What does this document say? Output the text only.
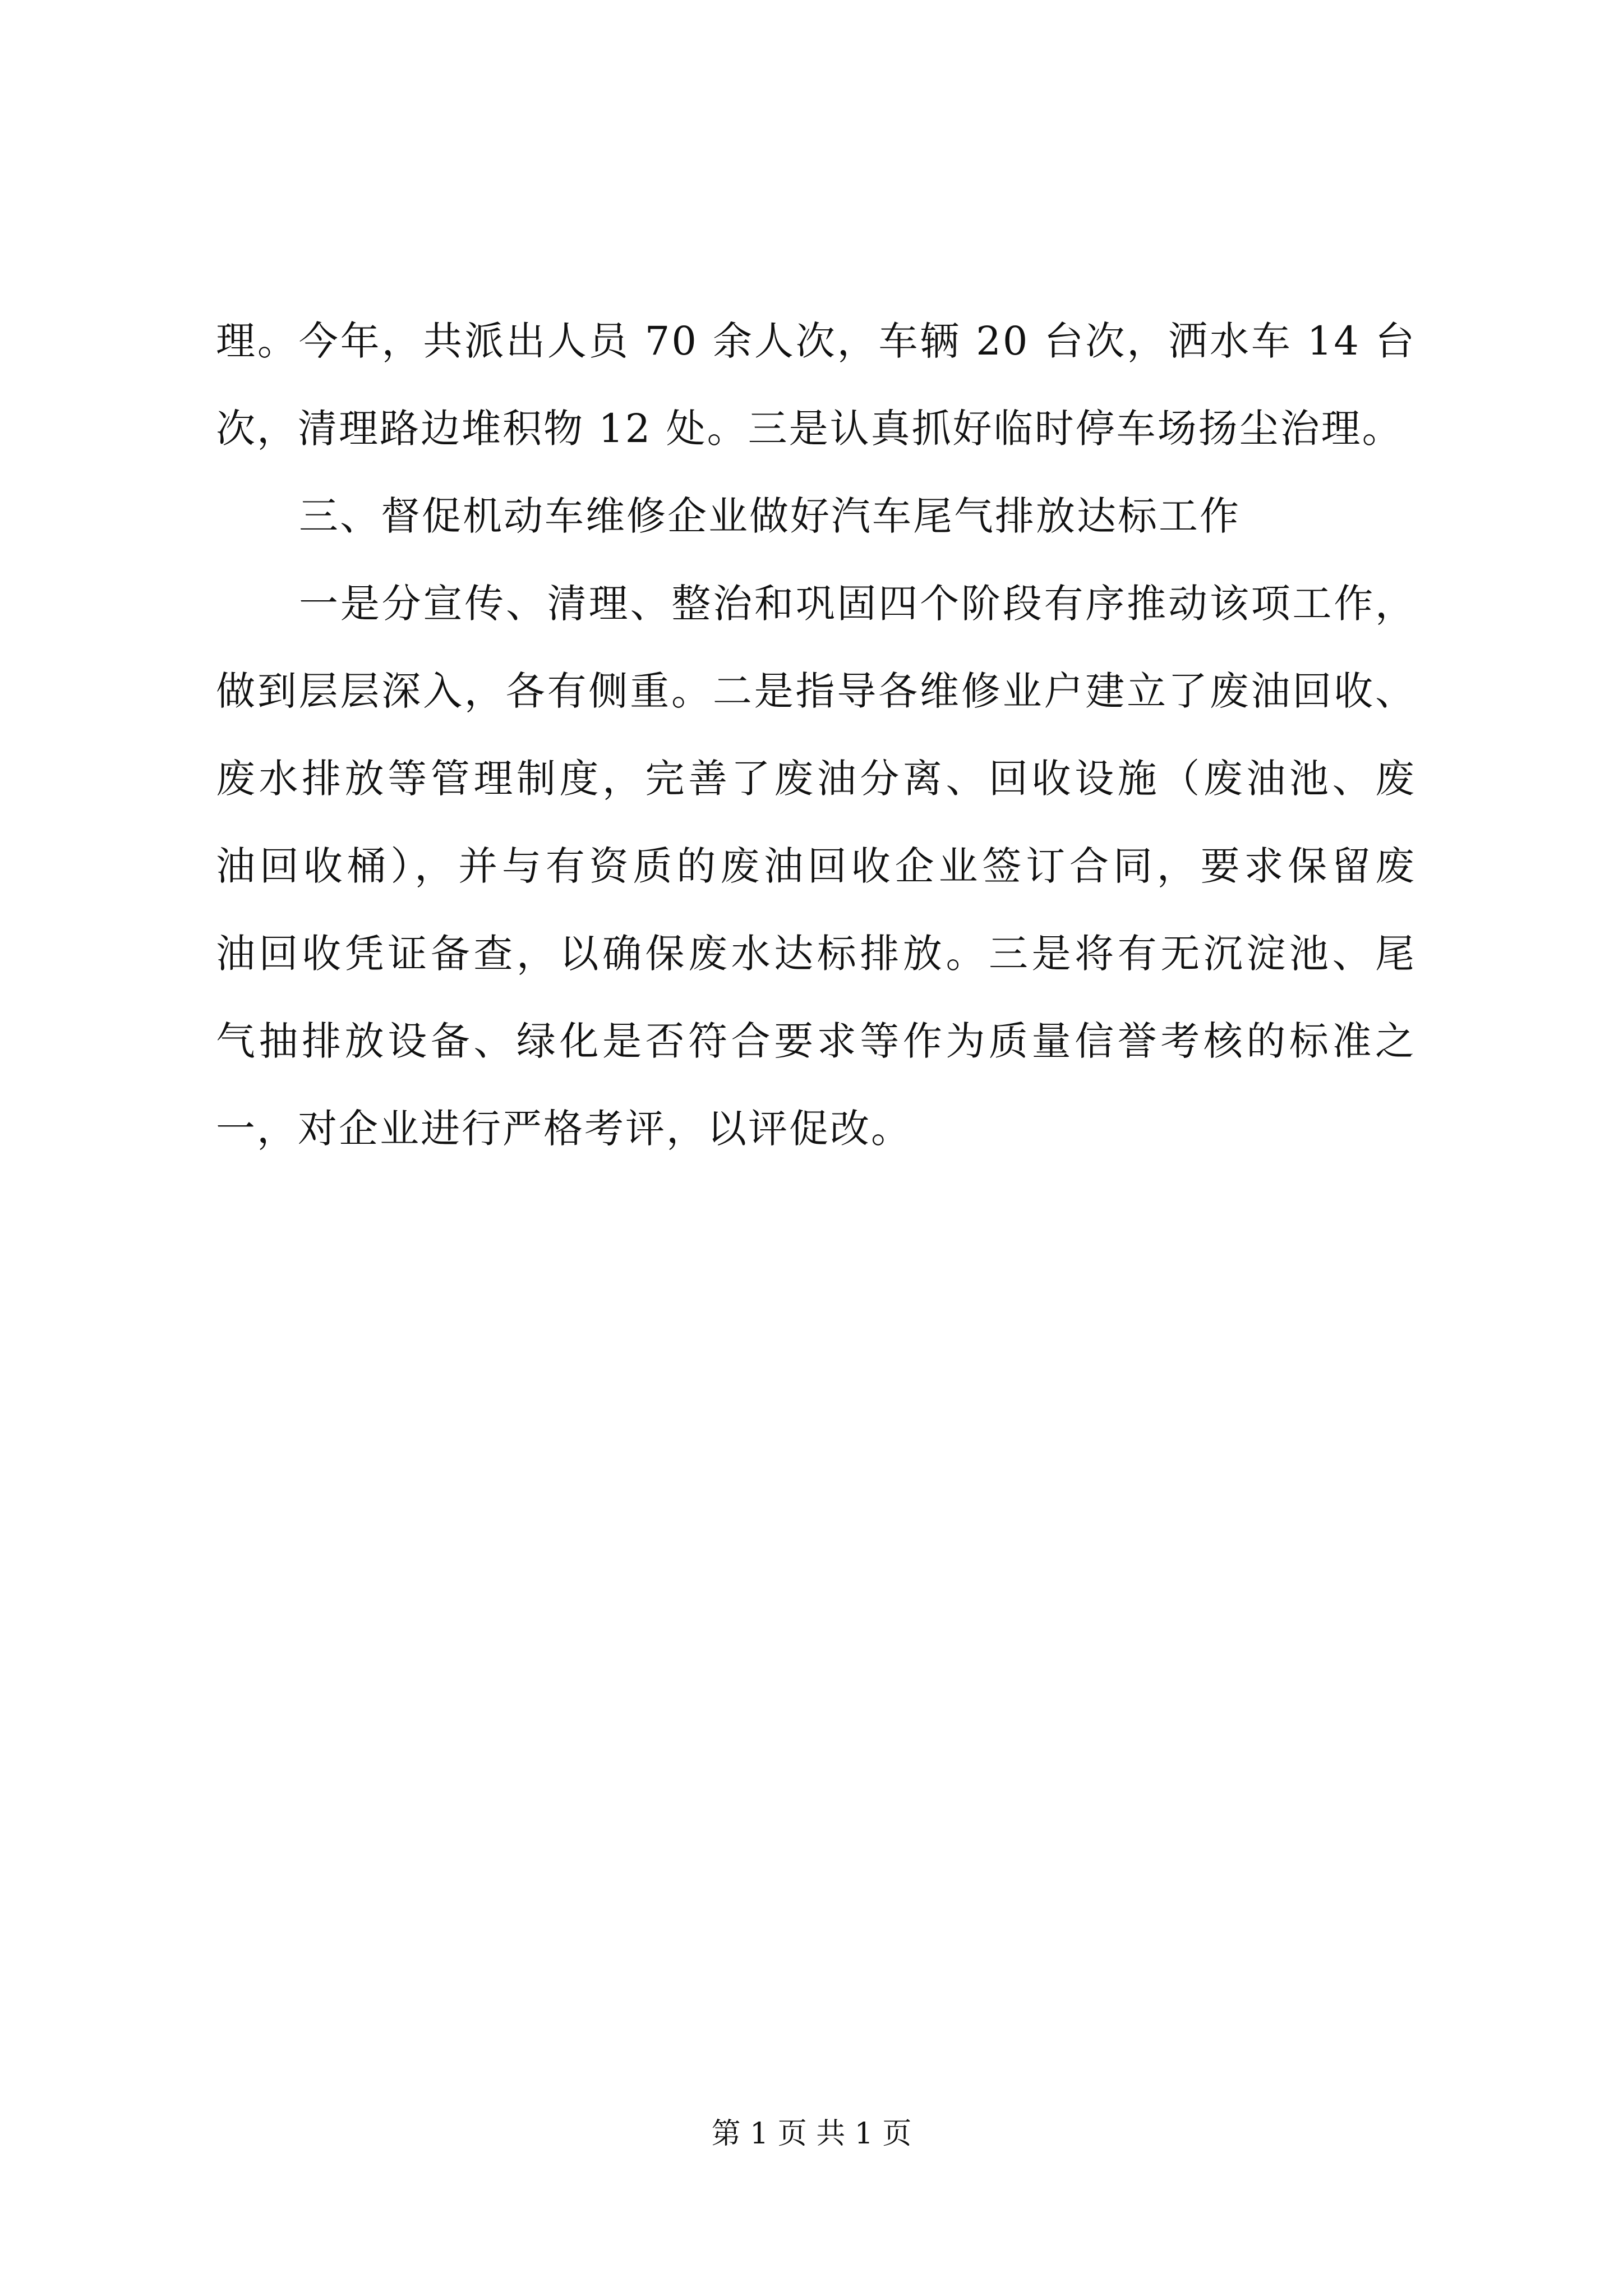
理。今年，共派出人员 70 余人次，车辆 20 台次，洒水车 14 台
次，清理路边堆积物 12 处。三是认真抓好临时停车场扬尘治理。
三、督促机动车维修企业做好汽车尾气排放达标工作
一是分宣传、清理、整治和巩固四个阶段有序推动该项工作，
做到层层深入，各有侧重。二是指导各维修业户建立了废油回收、
废水排放等管理制度，完善了废油分离、回收设施（废油池、废
油回收桶），并与有资质的废油回收企业签订合同，要求保留废
油回收凭证备查，以确保废水达标排放。三是将有无沉淀池、尾
气抽排放设备、绿化是否符合要求等作为质量信誉考核的标准之
一，对企业进行严格考评，以评促改。
第 1 页 共 1 页
